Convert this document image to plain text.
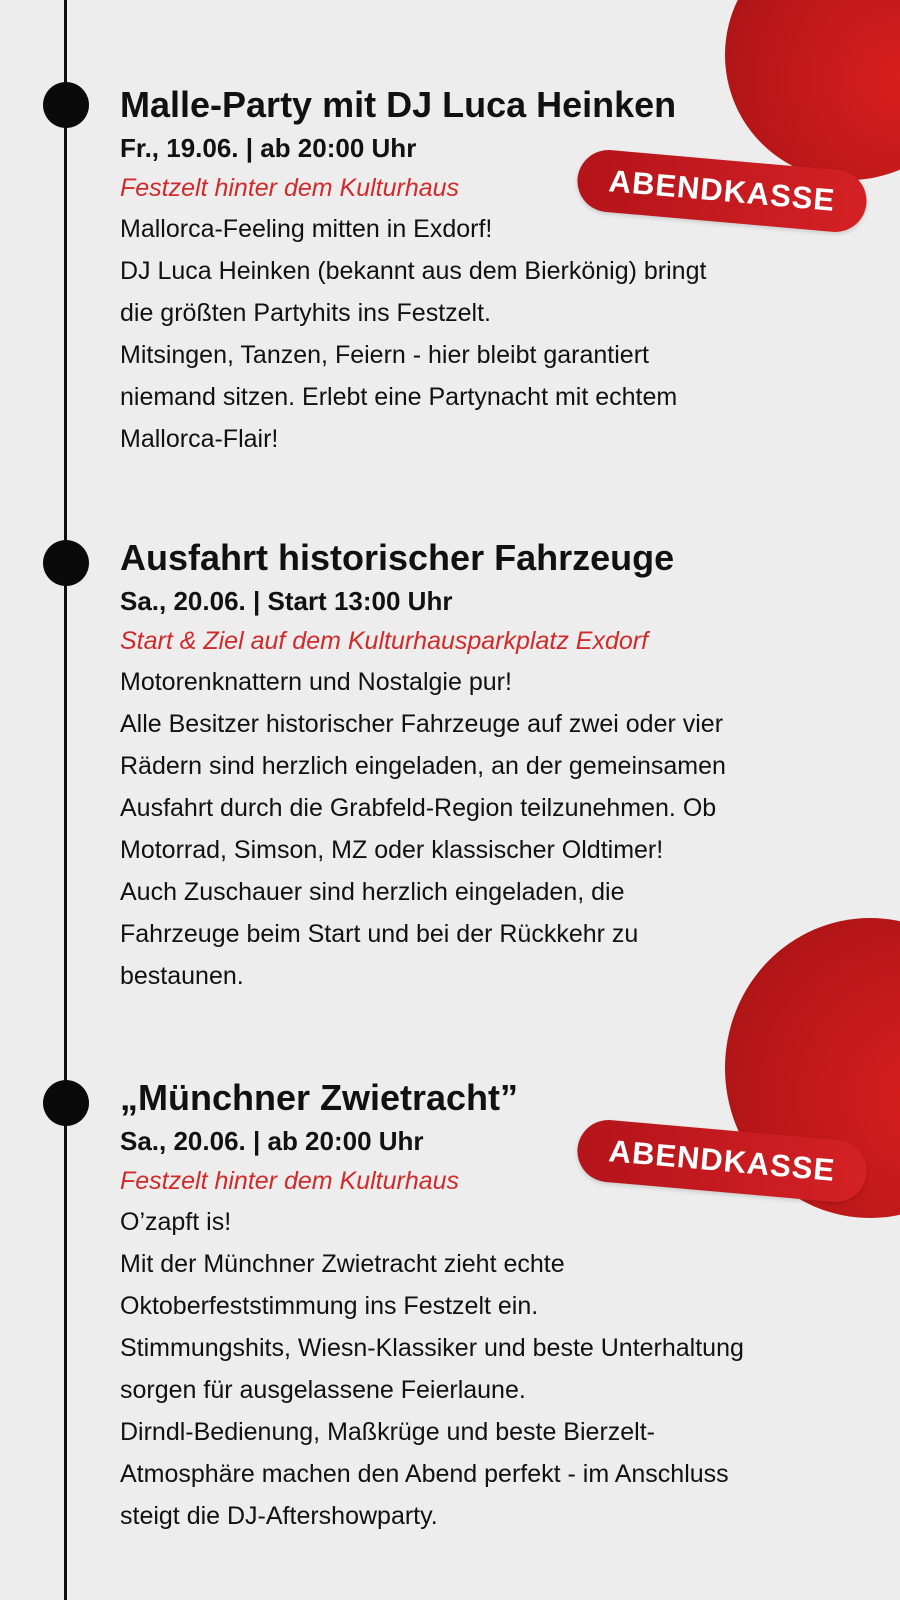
Malle-Party mit DJ Luca Heinken

Fr., 19.06. | ab 20:00 Uhr

Festzelt hinter dem Kulturhaus

Mallorca-Feeling mitten in Exdorf!
DJ Luca Heinken (bekannt aus dem Bierkönig) bringt
die größten Partyhits ins Festzelt.
Mitsingen, Tanzen, Feiern - hier bleibt garantiert
niemand sitzen. Erlebt eine Partynacht mit echtem
Mallorca-Flair!
Ausfahrt historischer Fahrzeuge

Sa., 20.06. | Start 13:00 Uhr

Start & Ziel auf dem Kulturhausparkplatz Exdorf

Motorenknattern und Nostalgie pur!
Alle Besitzer historischer Fahrzeuge auf zwei oder vier
Rädern sind herzlich eingeladen, an der gemeinsamen
Ausfahrt durch die Grabfeld-Region teilzunehmen. Ob
Motorrad, Simson, MZ oder klassischer Oldtimer!
Auch Zuschauer sind herzlich eingeladen, die
Fahrzeuge beim Start und bei der Rückkehr zu
bestaunen.
„Münchner Zwietracht”

Sa., 20.06. | ab 20:00 Uhr

Festzelt hinter dem Kulturhaus

O’zapft is!
Mit der Münchner Zwietracht zieht echte
Oktoberfeststimmung ins Festzelt ein.
Stimmungshits, Wiesn-Klassiker und beste Unterhaltung
sorgen für ausgelassene Feierlaune.
Dirndl-Bedienung, Maßkrüge und beste Bierzelt-
Atmosphäre machen den Abend perfekt - im Anschluss
steigt die DJ-Aftershowparty.
ABENDKASSE
ABENDKASSE
